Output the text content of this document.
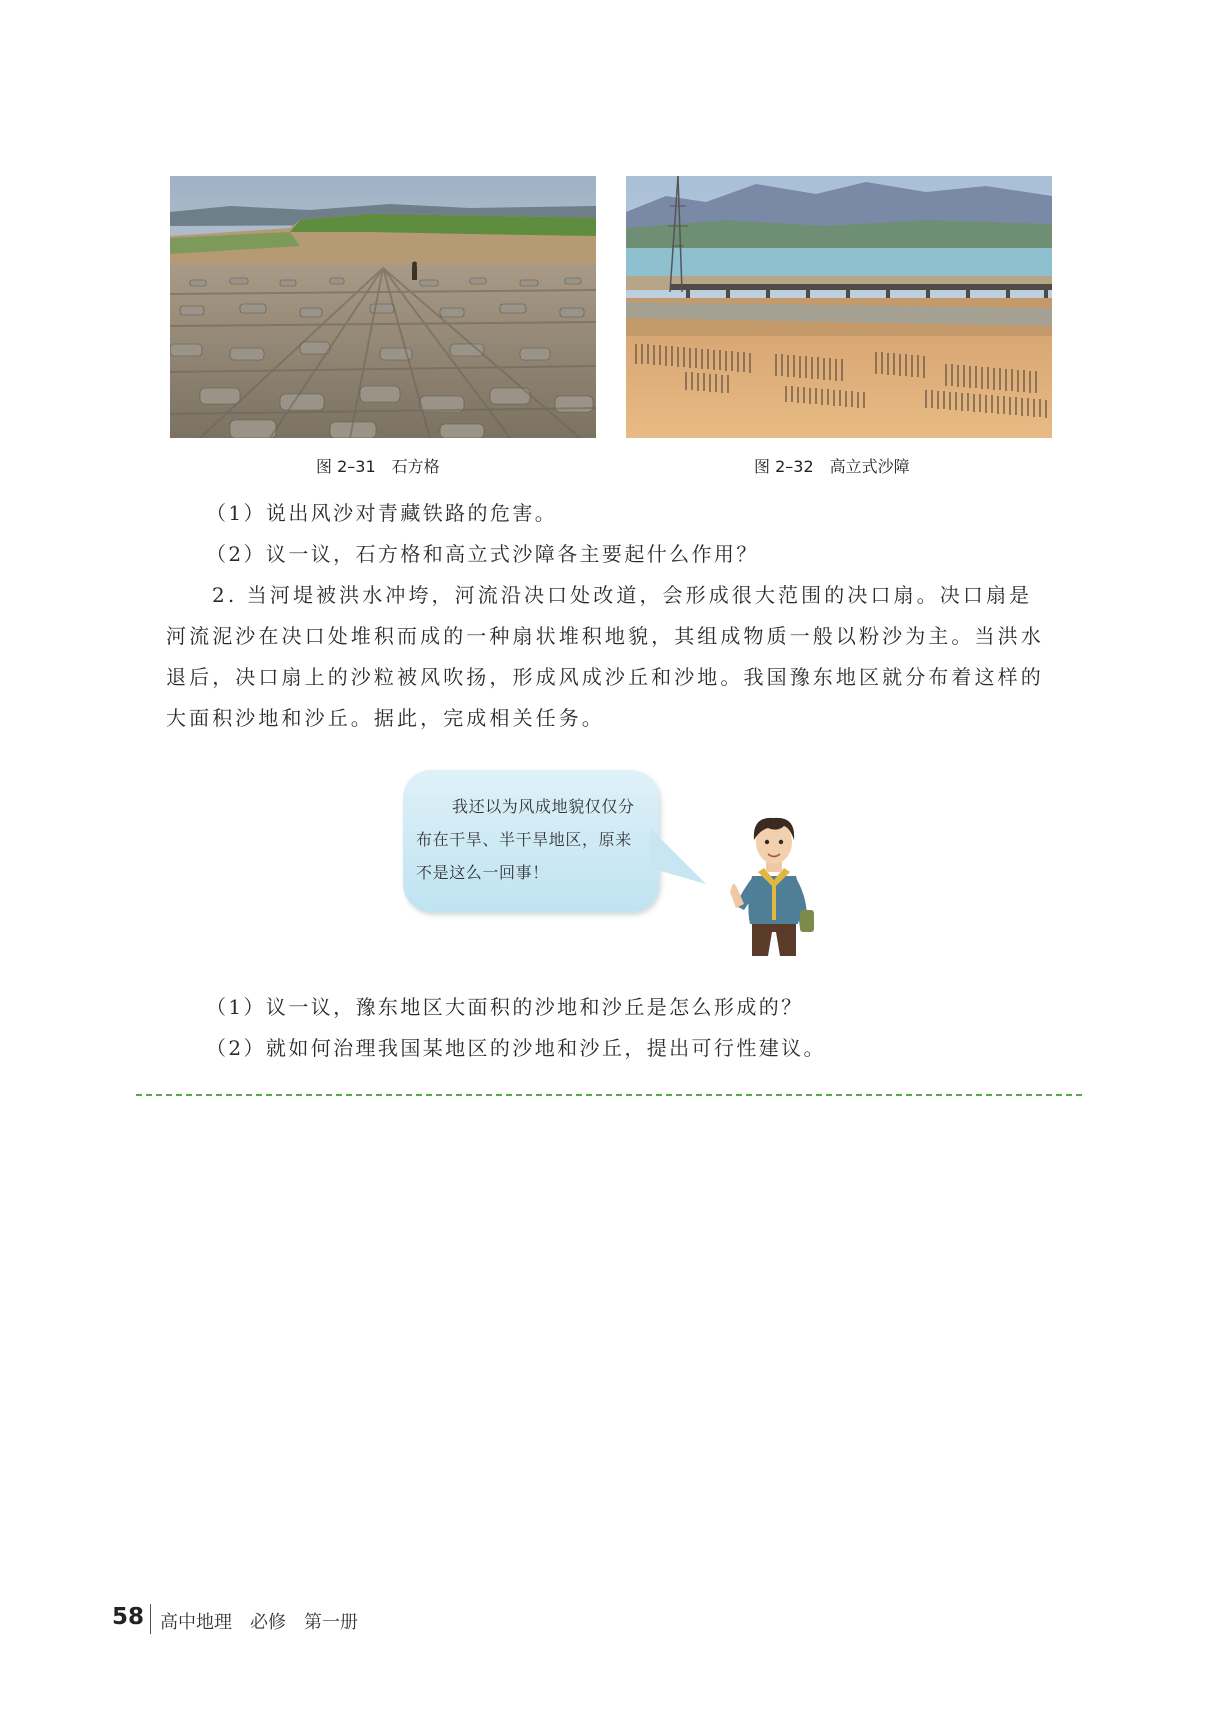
图 2–31 石方格	图 2–32 高立式沙障

（1）说出风沙对青藏铁路的危害。

（2）议一议，石方格和高立式沙障各主要起什么作用？

2. 当河堤被洪水冲垮，河流沿决口处改道，会形成很大范围的决口扇。决口扇是河流泥沙在决口处堆积而成的一种扇状堆积地貌，其组成物质一般以粉沙为主。当洪水退后，决口扇上的沙粒被风吹扬，形成风成沙丘和沙地。我国豫东地区就分布着这样的大面积沙地和沙丘。据此，完成相关任务。

我还以为风成地貌仅仅分布在干旱、半干旱地区，原来不是这么一回事！

（1）议一议，豫东地区大面积的沙地和沙丘是怎么形成的？

（2）就如何治理我国某地区的沙地和沙丘，提出可行性建议。

58 高中地理　必修　第一册
